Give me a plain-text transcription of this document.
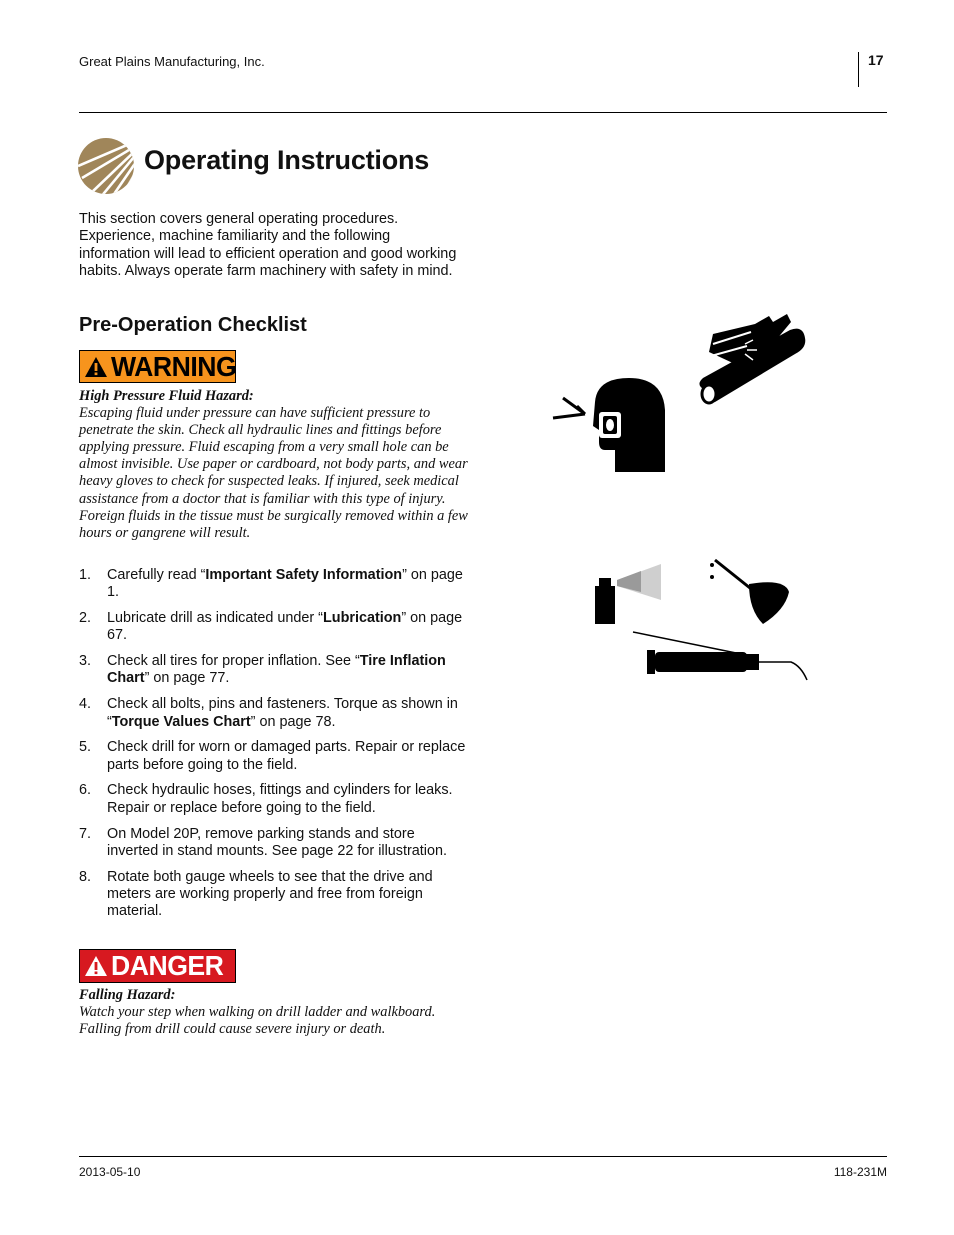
Great Plains Manufacturing, Inc.	17
Operating Instructions
This section covers general operating procedures. Experience, machine familiarity and the following information will lead to efficient operation and good working habits. Always operate farm machinery with safety in mind.
Pre-Operation Checklist
WARNING
High Pressure Fluid Hazard:
Escaping fluid under pressure can have sufficient pressure to penetrate the skin. Check all hydraulic lines and fittings before applying pressure. Fluid escaping from a very small hole can be almost invisible. Use paper or cardboard, not body parts, and wear heavy gloves to check for suspected leaks. If injured, seek medical assistance from a doctor that is familiar with this type of injury. Foreign fluids in the tissue must be surgically removed within a few hours or gangrene will result.
1. Carefully read “Important Safety Information” on page 1.
2. Lubricate drill as indicated under “Lubrication” on page 67.
3. Check all tires for proper inflation. See “Tire Inflation Chart” on page 77.
4. Check all bolts, pins and fasteners. Torque as shown in “Torque Values Chart” on page 78.
5. Check drill for worn or damaged parts. Repair or replace parts before going to the field.
6. Check hydraulic hoses, fittings and cylinders for leaks. Repair or replace before going to the field.
7. On Model 20P, remove parking stands and store inverted in stand mounts. See page 22 for illustration.
8. Rotate both gauge wheels to see that the drive and meters are working properly and free from foreign material.
DANGER
Falling Hazard:
Watch your step when walking on drill ladder and walkboard. Falling from drill could cause severe injury or death.
2013-05-10	118-231M
